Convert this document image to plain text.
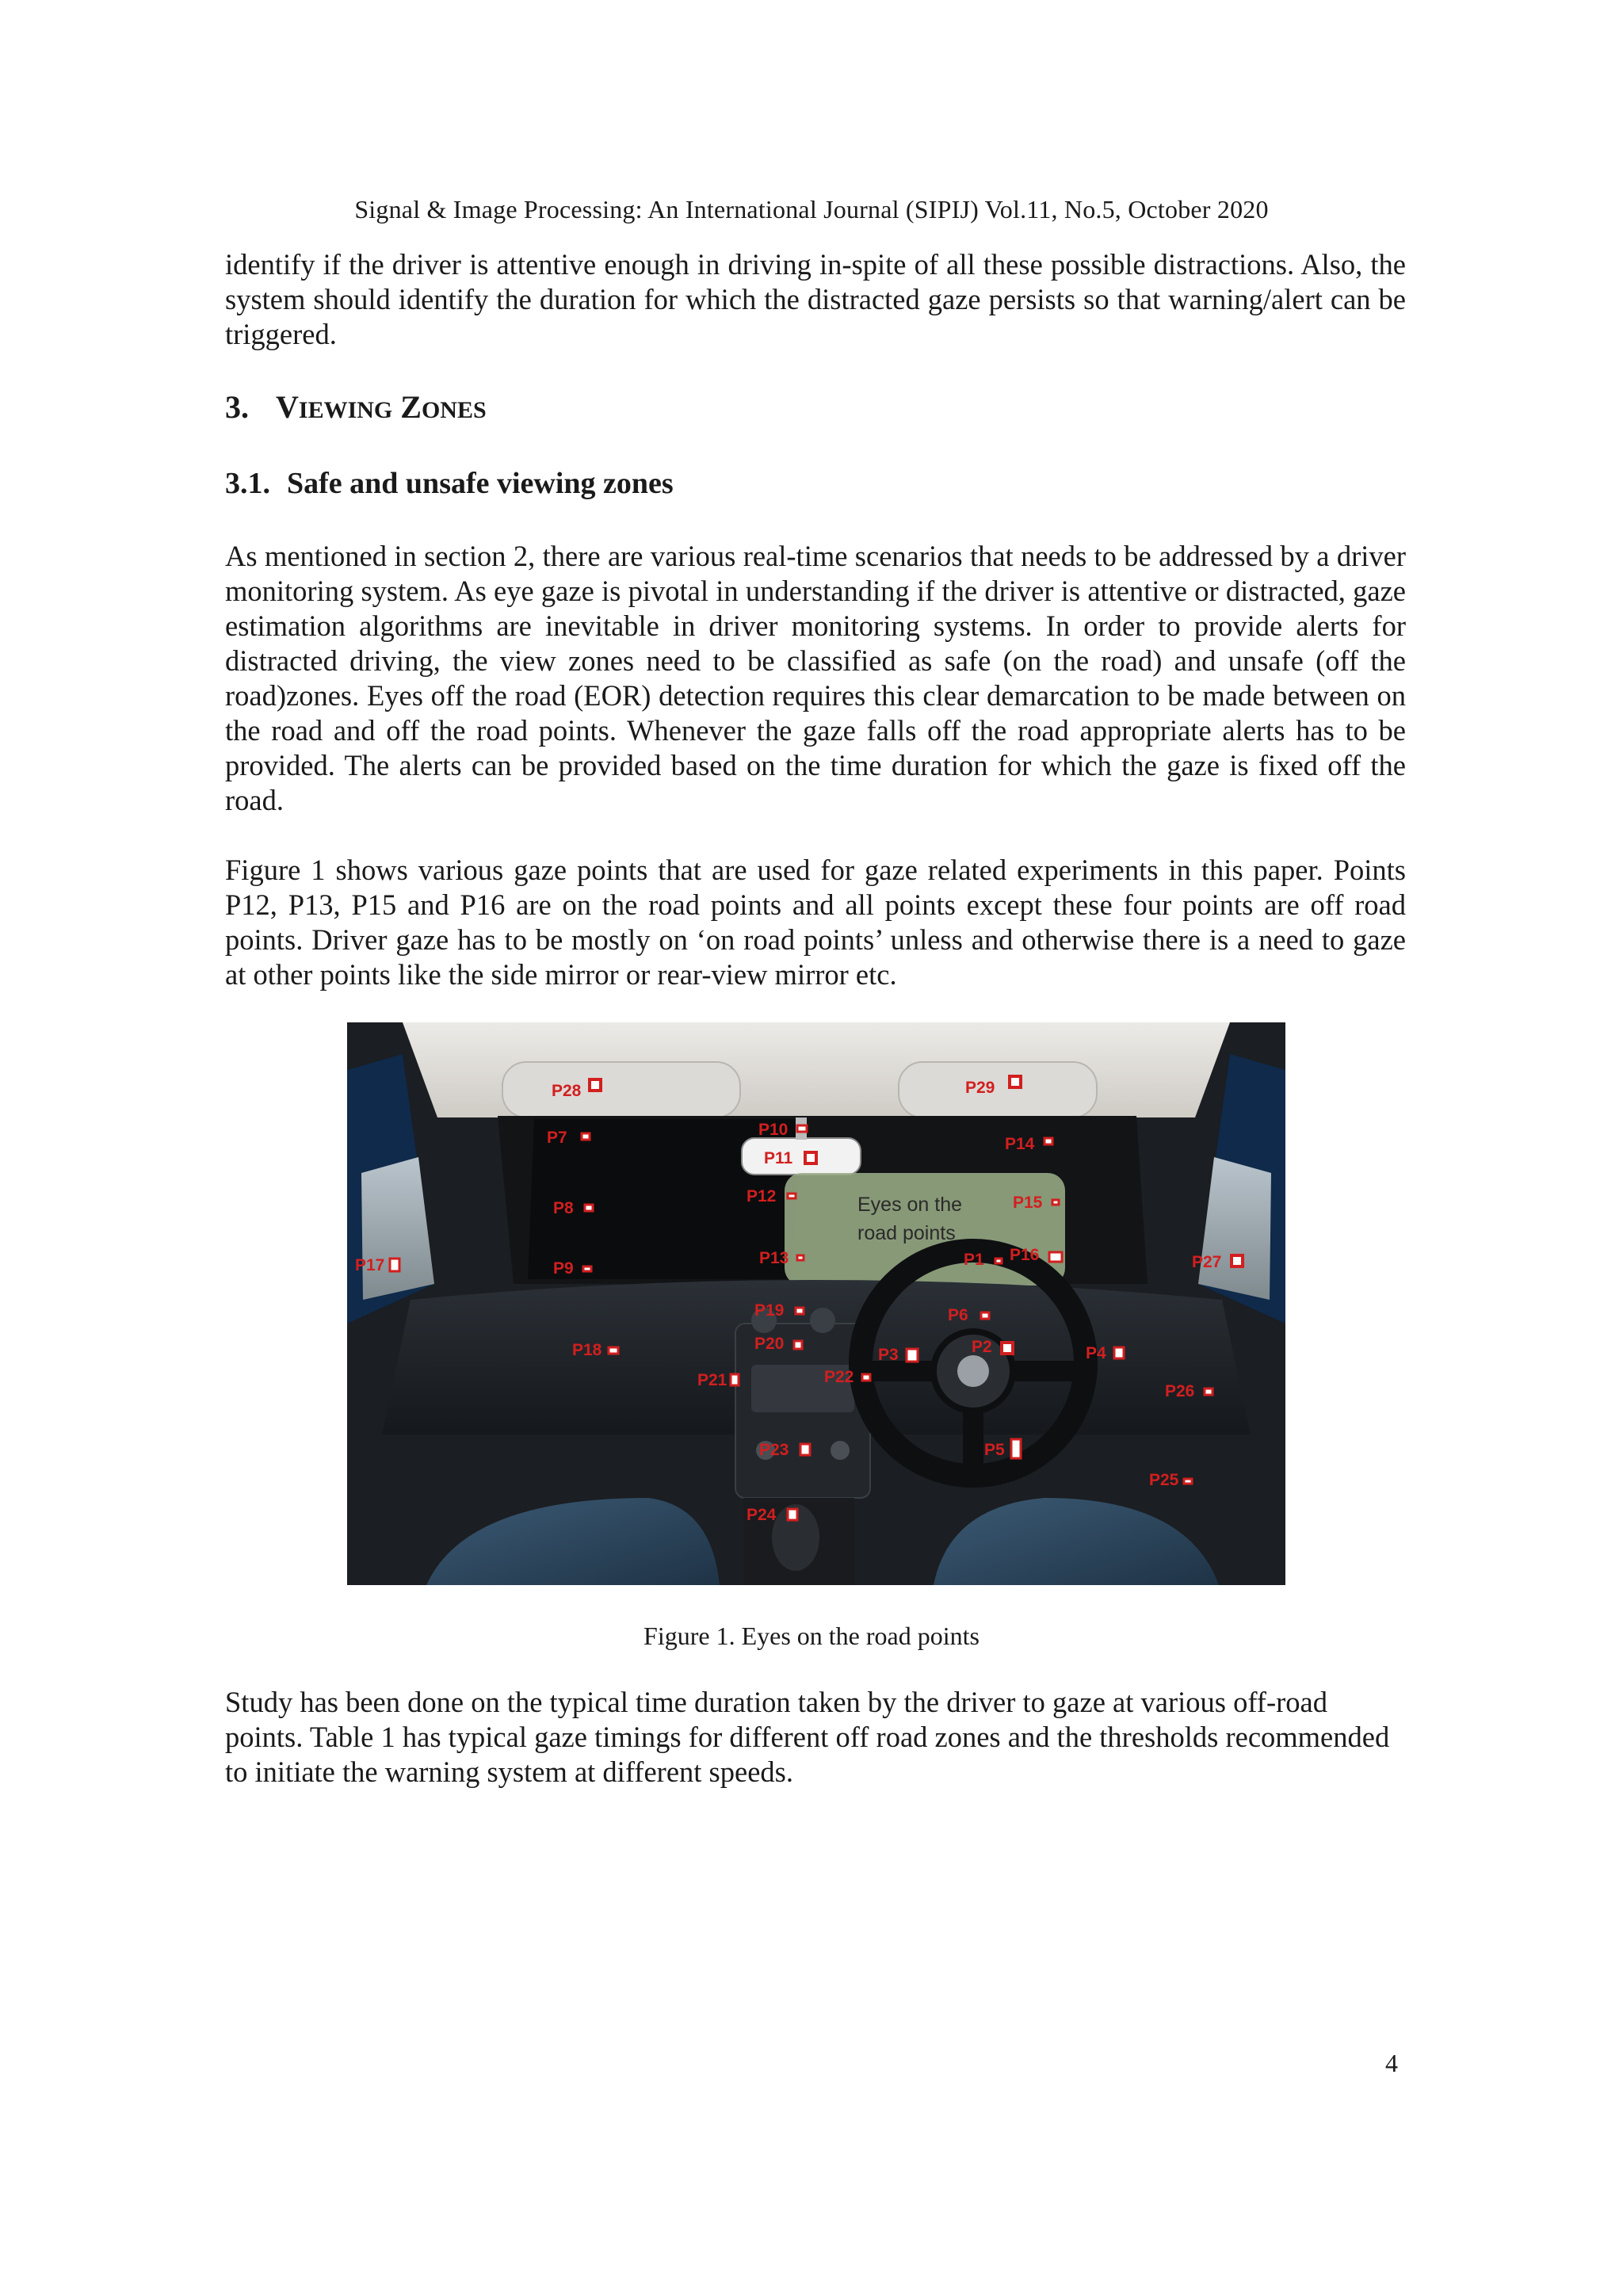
Signal & Image Processing: An International Journal (SIPIJ) Vol.11, No.5, October 2020
identify if the driver is attentive enough in driving in-spite of all these possible distractions. Also, the system should identify the duration for which the distracted gaze persists so that warning/alert can be triggered.
3. VIEWING ZONES
3.1. Safe and unsafe viewing zones
As mentioned in section 2, there are various real-time scenarios that needs to be addressed by a driver monitoring system. As eye gaze is pivotal in understanding if the driver is attentive or distracted, gaze estimation algorithms are inevitable in driver monitoring systems. In order to provide alerts for distracted driving, the view zones need to be classified as safe (on the road) and unsafe (off the road)zones. Eyes off the road (EOR) detection requires this clear demarcation to be made between on the road and off the road points. Whenever the gaze falls off the road appropriate alerts has to be provided. The alerts can be provided based on the time duration for which the gaze is fixed off the road.
Figure 1 shows various gaze points that are used for gaze related experiments in this paper. Points P12, P13, P15 and P16 are on the road points and all points except these four points are off road points. Driver gaze has to be mostly on ‘on road points’ unless and otherwise there is a need to gaze at other points like the side mirror or rear-view mirror etc.
Eyes on the
road points
P28	P29
P7	P10
P11
P14
P8
P12	P15
P13	P1 P16
P9
P17	P27
P19	P6
P20
P18	P3	P2	P4
P21	P22
P26
P23	P5
P25
P24
Figure 1. Eyes on the road points
Study has been done on the typical time duration taken by the driver to gaze at various off-road points. Table 1 has typical gaze timings for different off road zones and the thresholds recommended to initiate the warning system at different speeds.
4
